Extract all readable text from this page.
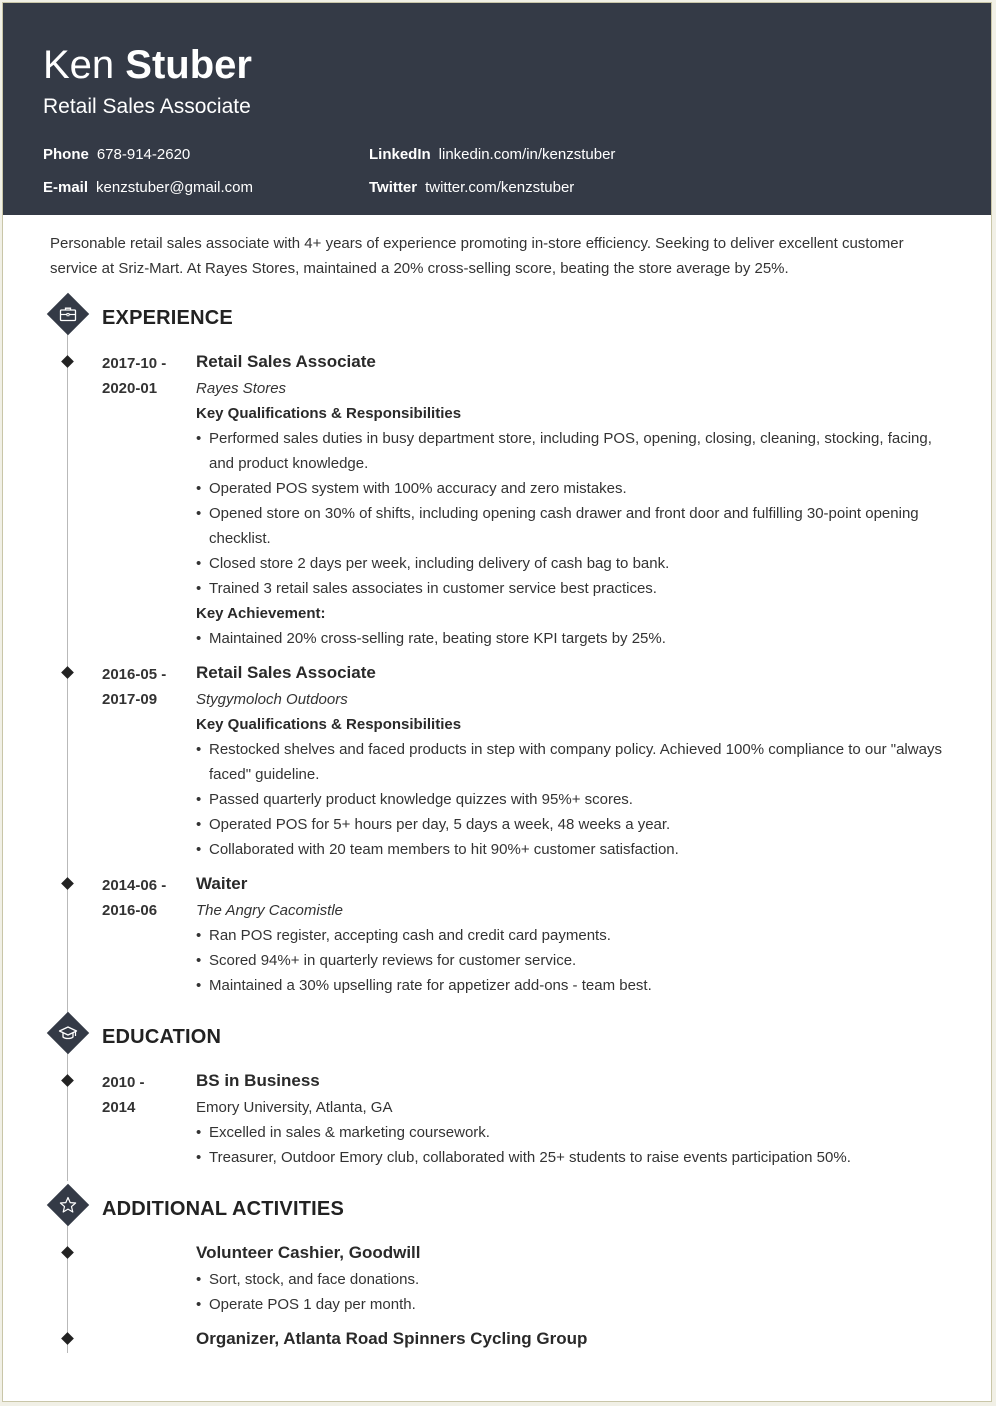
Ken Stuber
Retail Sales Associate
Phone 678-914-2620
E-mail kenzstuber@gmail.com
LinkedIn linkedin.com/in/kenzstuber
Twitter twitter.com/kenzstuber
Personable retail sales associate with 4+ years of experience promoting in-store efficiency. Seeking to deliver excellent customer service at Sriz-Mart. At Rayes Stores, maintained a 20% cross-selling score, beating the store average by 25%.
EXPERIENCE
2017-10 -
2020-01
Retail Sales Associate
Rayes Stores
Key Qualifications & Responsibilities
• Performed sales duties in busy department store, including POS, opening, closing, cleaning, stocking, facing, and product knowledge.
• Operated POS system with 100% accuracy and zero mistakes.
• Opened store on 30% of shifts, including opening cash drawer and front door and fulfilling 30-point opening checklist.
• Closed store 2 days per week, including delivery of cash bag to bank.
• Trained 3 retail sales associates in customer service best practices.
Key Achievement:
• Maintained 20% cross-selling rate, beating store KPI targets by 25%.
2016-05 -
2017-09
Retail Sales Associate
Stygymoloch Outdoors
Key Qualifications & Responsibilities
• Restocked shelves and faced products in step with company policy. Achieved 100% compliance to our "always faced" guideline.
• Passed quarterly product knowledge quizzes with 95%+ scores.
• Operated POS for 5+ hours per day, 5 days a week, 48 weeks a year.
• Collaborated with 20 team members to hit 90%+ customer satisfaction.
2014-06 -
2016-06
Waiter
The Angry Cacomistle
• Ran POS register, accepting cash and credit card payments.
• Scored 94%+ in quarterly reviews for customer service.
• Maintained a 30% upselling rate for appetizer add-ons - team best.
EDUCATION
2010 -
2014
BS in Business
Emory University, Atlanta, GA
• Excelled in sales & marketing coursework.
• Treasurer, Outdoor Emory club, collaborated with 25+ students to raise events participation 50%.
ADDITIONAL ACTIVITIES
Volunteer Cashier, Goodwill
• Sort, stock, and face donations.
• Operate POS 1 day per month.
Organizer, Atlanta Road Spinners Cycling Group
